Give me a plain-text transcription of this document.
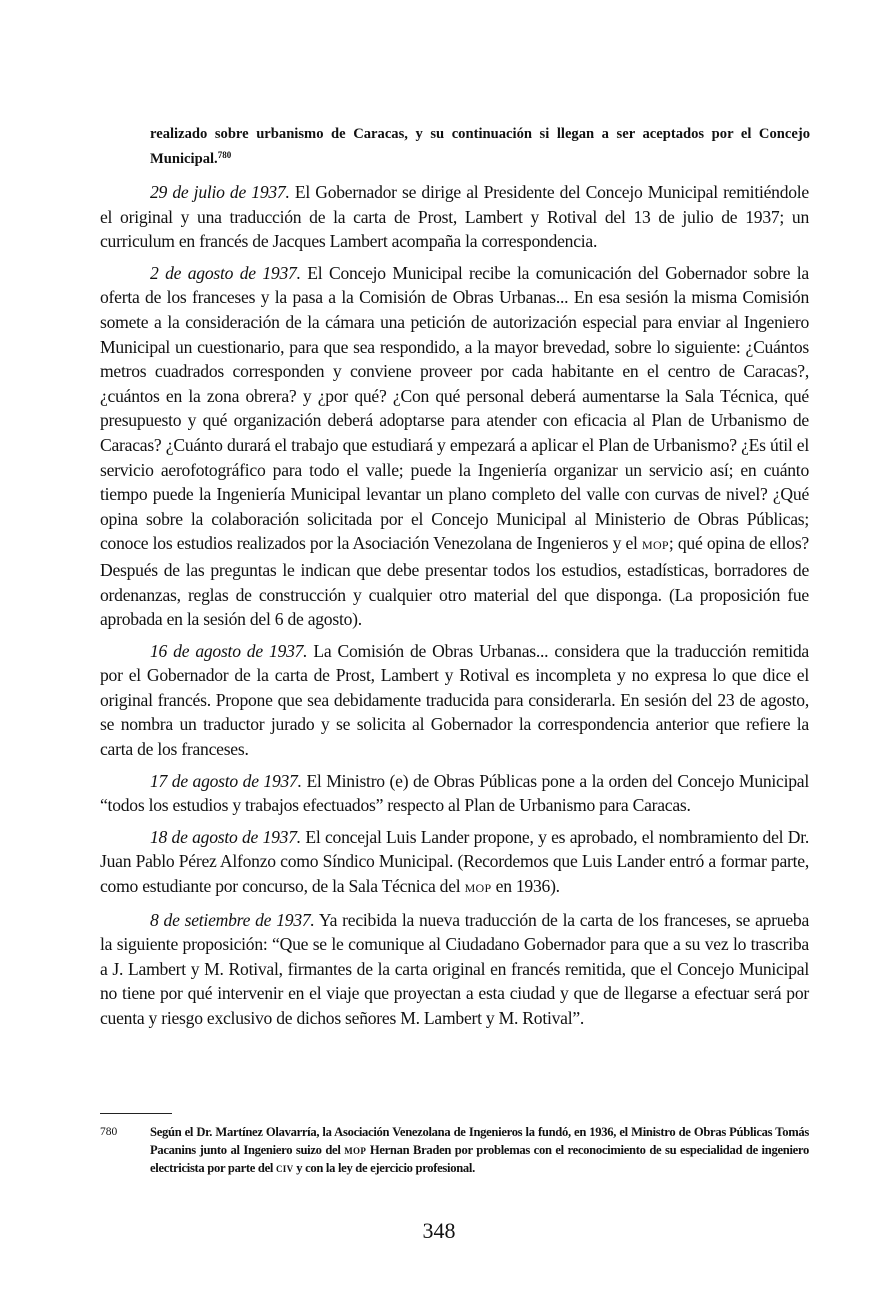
realizado sobre urbanismo de Caracas, y su continuación si llegan a ser aceptados por el Concejo Municipal.$^{780}$

29 de julio de 1937. El Gobernador se dirige al Presidente del Concejo Municipal remitiéndole el original y una traducción de la carta de Prost, Lambert y Rotival del 13 de julio de 1937; un curriculum en francés de Jacques Lambert acompaña la correspondencia.

2 de agosto de 1937. El Concejo Municipal recibe la comunicación del Gobernador sobre la oferta de los franceses y la pasa a la Comisión de Obras Urbanas... En esa sesión la misma Comisión somete a la consideración de la cámara una petición de autorización especial para enviar al Ingeniero Municipal un cuestionario, para que sea respondido, a la mayor brevedad, sobre lo siguiente: ¿Cuántos metros cuadrados corresponden y conviene proveer por cada habitante en el centro de Caracas?, ¿cuántos en la zona obrera? y ¿por qué? ¿Con qué personal deberá aumentarse la Sala Técnica, qué presupuesto y qué organización deberá adoptarse para atender con eficacia al Plan de Urbanismo de Caracas? ¿Cuánto durará el trabajo que estudiará y empezará a aplicar el Plan de Urbanismo? ¿Es útil el servicio aerofotográfico para todo el valle; puede la Ingeniería organizar un servicio así; en cuánto tiempo puede la Ingeniería Municipal levantar un plano completo del valle con curvas de nivel? ¿Qué opina sobre la colaboración solicitada por el Concejo Municipal al Ministerio de Obras Públicas; conoce los estudios realizados por la Asociación Venezolana de Ingenieros y el MOP; qué opina de ellos? Después de las preguntas le indican que debe presentar todos los estudios, estadísticas, borradores de ordenanzas, reglas de construcción y cualquier otro material del que disponga. (La proposición fue aprobada en la sesión del 6 de agosto).

16 de agosto de 1937. La Comisión de Obras Urbanas... considera que la traducción remitida por el Gobernador de la carta de Prost, Lambert y Rotival es incompleta y no expresa lo que dice el original francés. Propone que sea debidamente traducida para considerarla. En sesión del 23 de agosto, se nombra un traductor jurado y se solicita al Gobernador la correspondencia anterior que refiere la carta de los franceses.

17 de agosto de 1937. El Ministro (e) de Obras Públicas pone a la orden del Concejo Municipal “todos los estudios y trabajos efectuados” respecto al Plan de Urbanismo para Caracas.

18 de agosto de 1937. El concejal Luis Lander propone, y es aprobado, el nombramiento del Dr. Juan Pablo Pérez Alfonzo como Síndico Municipal. (Recordemos que Luis Lander entró a formar parte, como estudiante por concurso, de la Sala Técnica del MOP en 1936).

8 de setiembre de 1937. Ya recibida la nueva traducción de la carta de los franceses, se aprueba la siguiente proposición: “Que se le comunique al Ciudadano Gobernador para que a su vez lo trascriba a J. Lambert y M. Rotival, firmantes de la carta original en francés remitida, que el Concejo Municipal no tiene por qué intervenir en el viaje que proyectan a esta ciudad y que de llegarse a efectuar será por cuenta y riesgo exclusivo de dichos señores M. Lambert y M. Rotival”.

780	Según el Dr. Martínez Olavarría, la Asociación Venezolana de Ingenieros la fundó, en 1936, el Ministro de Obras Públicas Tomás Pacanins junto al Ingeniero suizo del MOP Hernan Braden por problemas con el reconocimiento de su especialidad de ingeniero electricista por parte del CIV y con la ley de ejercicio profesional.
348
